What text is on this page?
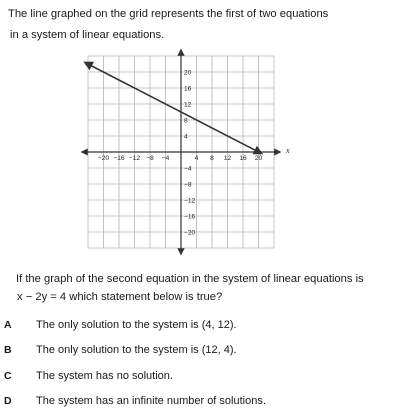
The line graphed on the grid represents the first of two equations
in a system of linear equations.
−20 −16 −12 −8 −4	4 8 12 16 20
20
16
12
8
4
−4
−8
−12
−16
−20
x
If the graph of the second equation in the system of linear equations is
x − 2y = 4 which statement below is true?
A The only solution to the system is (4, 12).
B The only solution to the system is (12, 4).
C The system has no solution.
D The system has an infinite number of solutions.
